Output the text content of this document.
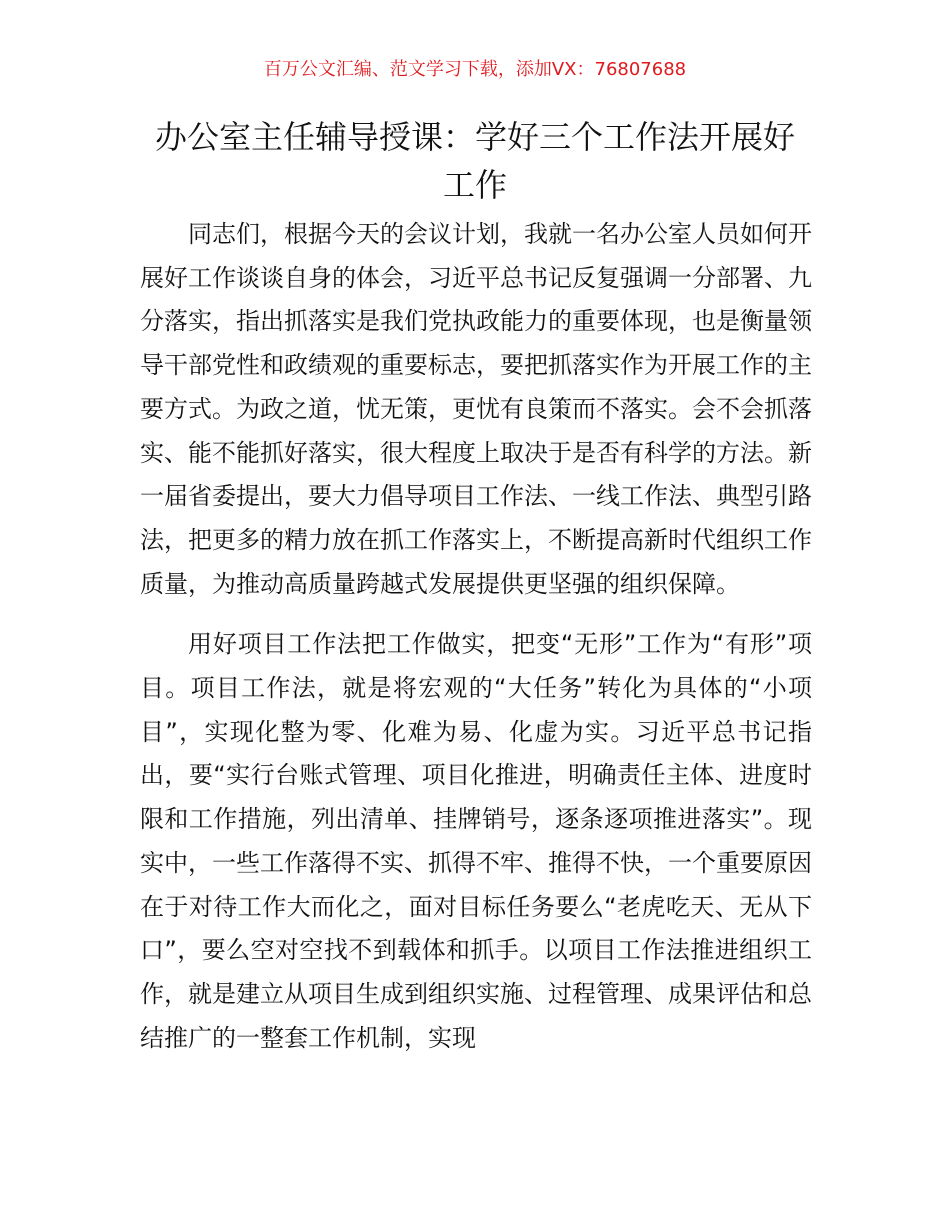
百万公文汇编、范文学习下载，添加VX：76807688
办公室主任辅导授课：学好三个工作法开展好工作

同志们，根据今天的会议计划，我就一名办公室人员如何开展好工作谈谈自身的体会，习近平总书记反复强调一分部署、九分落实，指出抓落实是我们党执政能力的重要体现，也是衡量领导干部党性和政绩观的重要标志，要把抓落实作为开展工作的主要方式。为政之道，忧无策，更忧有良策而不落实。会不会抓落实、能不能抓好落实，很大程度上取决于是否有科学的方法。新一届省委提出，要大力倡导项目工作法、一线工作法、典型引路法，把更多的精力放在抓工作落实上，不断提高新时代组织工作质量，为推动高质量跨越式发展提供更坚强的组织保障。

用好项目工作法把工作做实，把变“无形”工作为“有形”项目。项目工作法，就是将宏观的“大任务”转化为具体的“小项目”，实现化整为零、化难为易、化虚为实。习近平总书记指出，要“实行台账式管理、项目化推进，明确责任主体、进度时限和工作措施，列出清单、挂牌销号，逐条逐项推进落实”。现实中，一些工作落得不实、抓得不牢、推得不快，一个重要原因在于对待工作大而化之，面对目标任务要么“老虎吃天、无从下口”，要么空对空找不到载体和抓手。以项目工作法推进组织工作，就是建立从项目生成到组织实施、过程管理、成果评估和总结推广的一整套工作机制，实现
